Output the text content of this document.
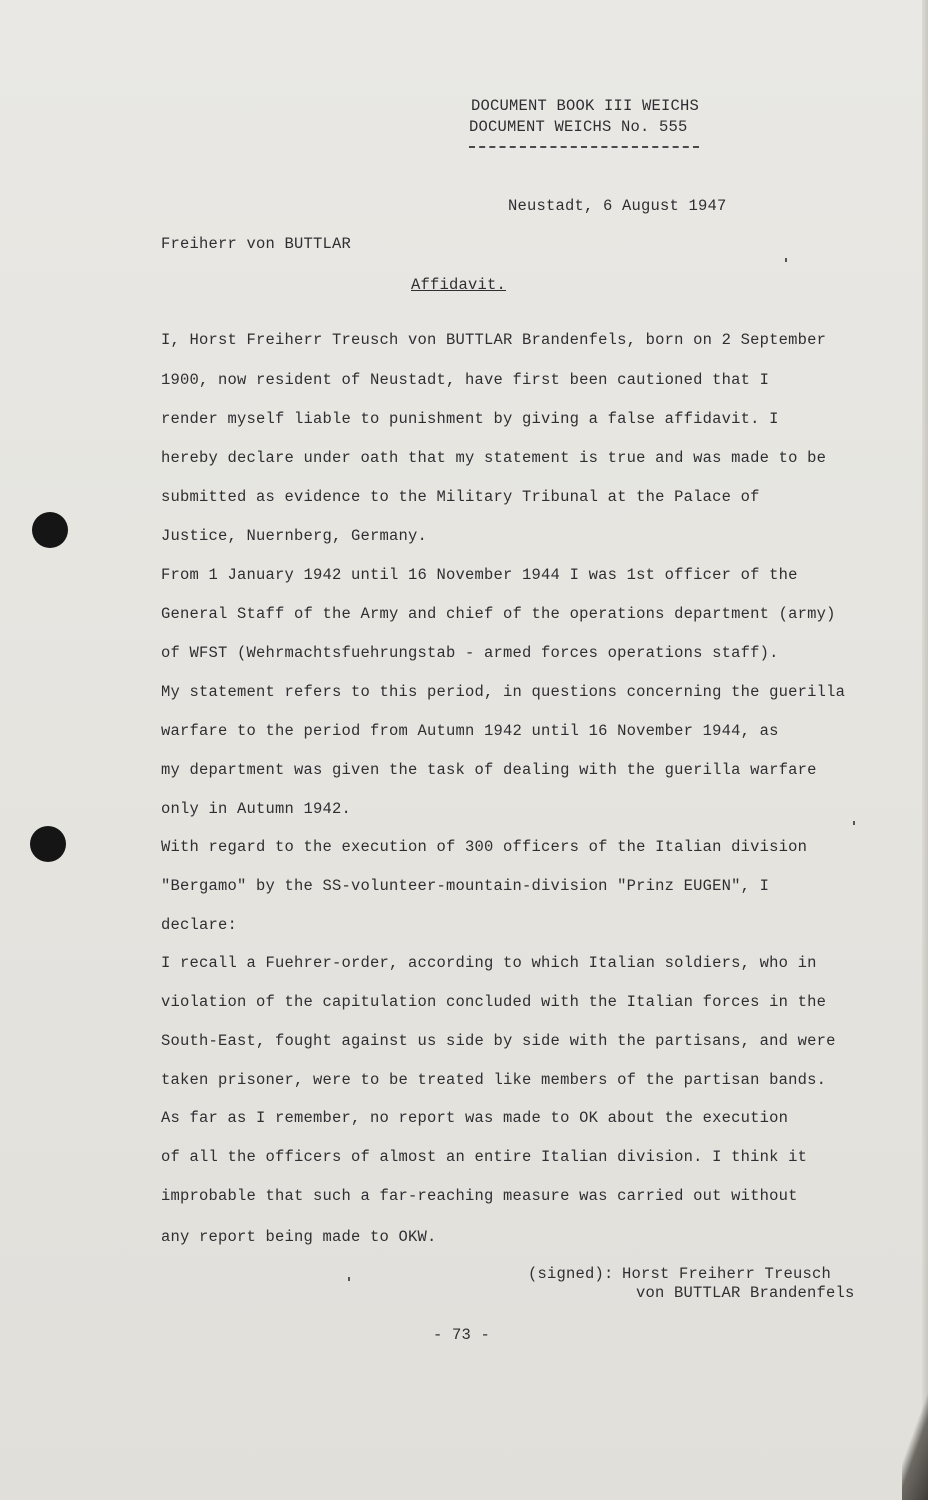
DOCUMENT BOOK III WEICHS
DOCUMENT WEICHS No. 555
Neustadt, 6 August 1947
Freiherr von BUTTLAR
Affidavit.
I, Horst Freiherr Treusch von BUTTLAR Brandenfels, born on 2 September
1900, now resident of Neustadt, have first been cautioned that I
render myself liable to punishment by giving a false affidavit. I
hereby declare under oath that my statement is true and was made to be
submitted as evidence to the Military Tribunal at the Palace of
Justice, Nuernberg, Germany.
From 1 January 1942 until 16 November 1944 I was 1st officer of the
General Staff of the Army and chief of the operations department (army)
of WFST (Wehrmachtsfuehrungstab - armed forces operations staff).
My statement refers to this period, in questions concerning the guerilla
warfare to the period from Autumn 1942 until 16 November 1944, as
my department was given the task of dealing with the guerilla warfare
only in Autumn 1942.
With regard to the execution of 300 officers of the Italian division
"Bergamo" by the SS-volunteer-mountain-division "Prinz EUGEN", I
declare:
I recall a Fuehrer-order, according to which Italian soldiers, who in
violation of the capitulation concluded with the Italian forces in the
South-East, fought against us side by side with the partisans, and were
taken prisoner, were to be treated like members of the partisan bands.
As far as I remember, no report was made to OK about the execution
of all the officers of almost an entire Italian division. I think it
improbable that such a far-reaching measure was carried out without
any report being made to OKW.
(signed): Horst Freiherr Treusch
von BUTTLAR Brandenfels
- 73 -
